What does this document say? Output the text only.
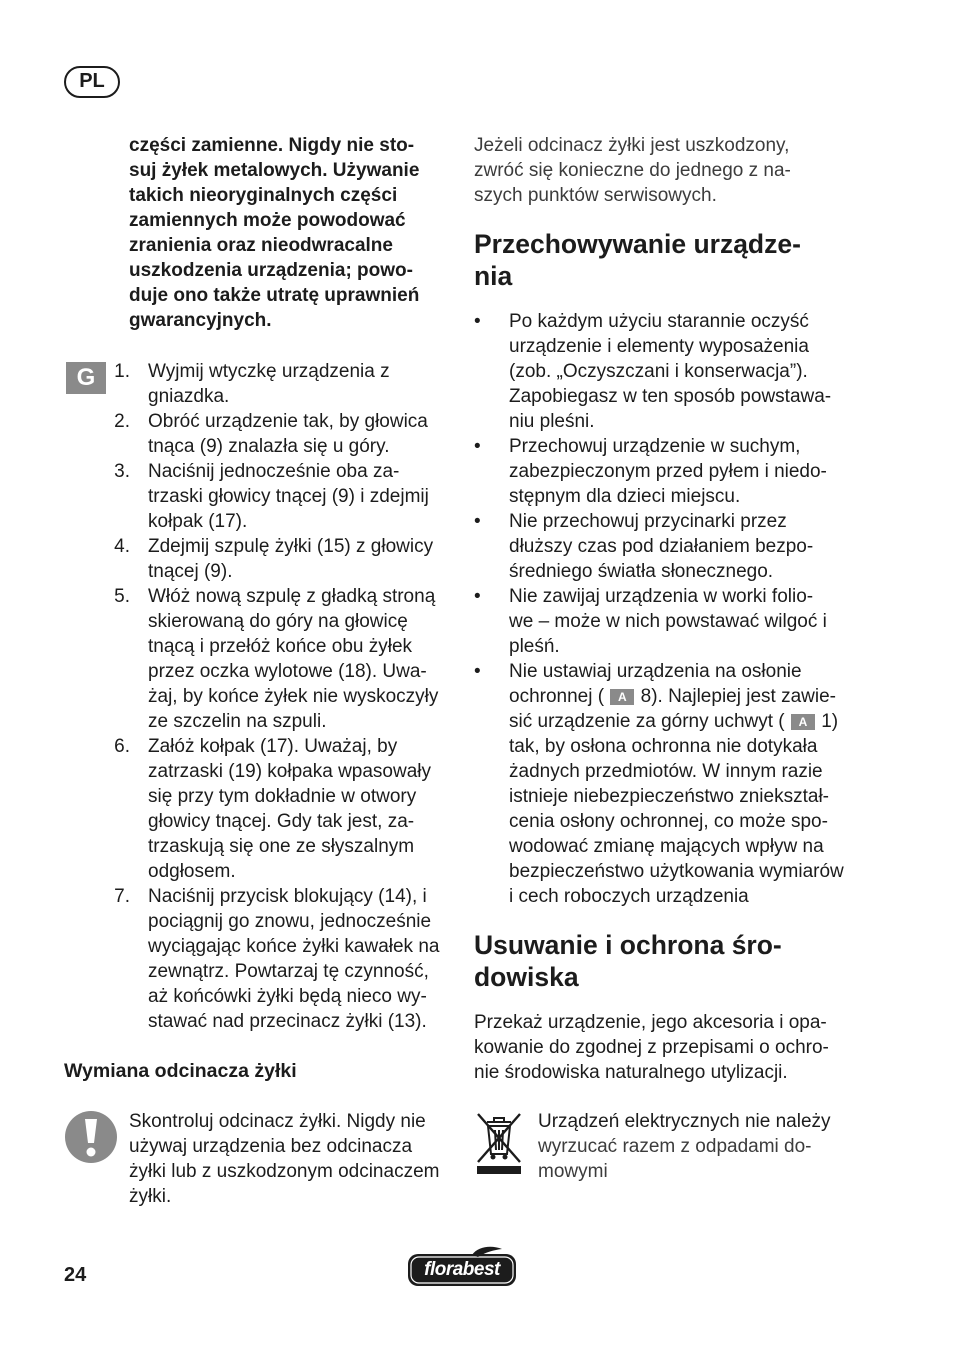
PL
części zamienne. Nigdy nie sto-
suj żyłek metalowych. Używanie
takich nieoryginalnych części
zamiennych może powodować
zranienia oraz nieodwracalne
uszkodzenia urządzenia; powo-
duje ono także utratę uprawnień
gwarancyjnych.
G 1. Wyjmij wtyczkę urządzenia z
gniazdka.
2. Obróć urządzenie tak, by głowica
tnąca (9) znalazła się u góry.
3. Naciśnij jednocześnie oba za-
trzaski głowicy tnącej (9) i zdejmij
kołpak (17).
4. Zdejmij szpulę żyłki (15) z głowicy
tnącej (9).
5. Włóż nową szpulę z gładką stroną
skierowaną do góry na głowicę
tnącą i przełóż końce obu żyłek
przez oczka wylotowe (18). Uwa-
żaj, by końce żyłek nie wyskoczyły
ze szczelin na szpuli.
6. Załóż kołpak (17). Uważaj, by
zatrzaski (19) kołpaka wpasowały
się przy tym dokładnie w otwory
głowicy tnącej. Gdy tak jest, za-
trzaskują się one ze słyszalnym
odgłosem.
7. Naciśnij przycisk blokujący (14), i
pociągnij go znowu, jednocześnie
wyciągając końce żyłki kawałek na
zewnątrz. Powtarzaj tę czynność,
aż końcówki żyłki będą nieco wy-
stawać nad przecinacz żyłki (13).
Wymiana odcinacza żyłki
Skontroluj odcinacz żyłki. Nigdy nie
używaj urządzenia bez odcinacza
żyłki lub z uszkodzonym odcinaczem
żyłki.
Jeżeli odcinacz żyłki jest uszkodzony,
zwróć się konieczne do jednego z na-
szych punktów serwisowych.
Przechowywanie urządze-
nia
• Po każdym użyciu starannie oczyść
urządzenie i elementy wyposażenia
(zob. „Oczyszczani i konserwacja”).
Zapobiegasz w ten sposób powstawa-
niu pleśni.
• Przechowuj urządzenie w suchym,
zabezpieczonym przed pyłem i niedo-
stępnym dla dzieci miejscu.
• Nie przechowuj przycinarki przez
dłuższy czas pod działaniem bezpo-
średniego światła słonecznego.
• Nie zawijaj urządzenia w worki folio-
we – może w nich powstawać wilgoć i
pleśń.
• Nie ustawiaj urządzenia na osłonie
ochronnej ( A 8). Najlepiej jest zawie-
sić urządzenie za górny uchwyt ( A 1)
tak, by osłona ochronna nie dotykała
żadnych przedmiotów. W innym razie
istnieje niebezpieczeństwo zniekształ-
cenia osłony ochronnej, co może spo-
wodować zmianę mających wpływ na
bezpieczeństwo użytkowania wymiarów
i cech roboczych urządzenia
Usuwanie i ochrona śro-
dowiska
Przekaż urządzenie, jego akcesoria i opa-
kowanie do zgodnej z przepisami o ochro-
nie środowiska naturalnego utylizacji.
Urządzeń elektrycznych nie należy
wyrzucać razem z odpadami do-
mowymi
24	florabest
